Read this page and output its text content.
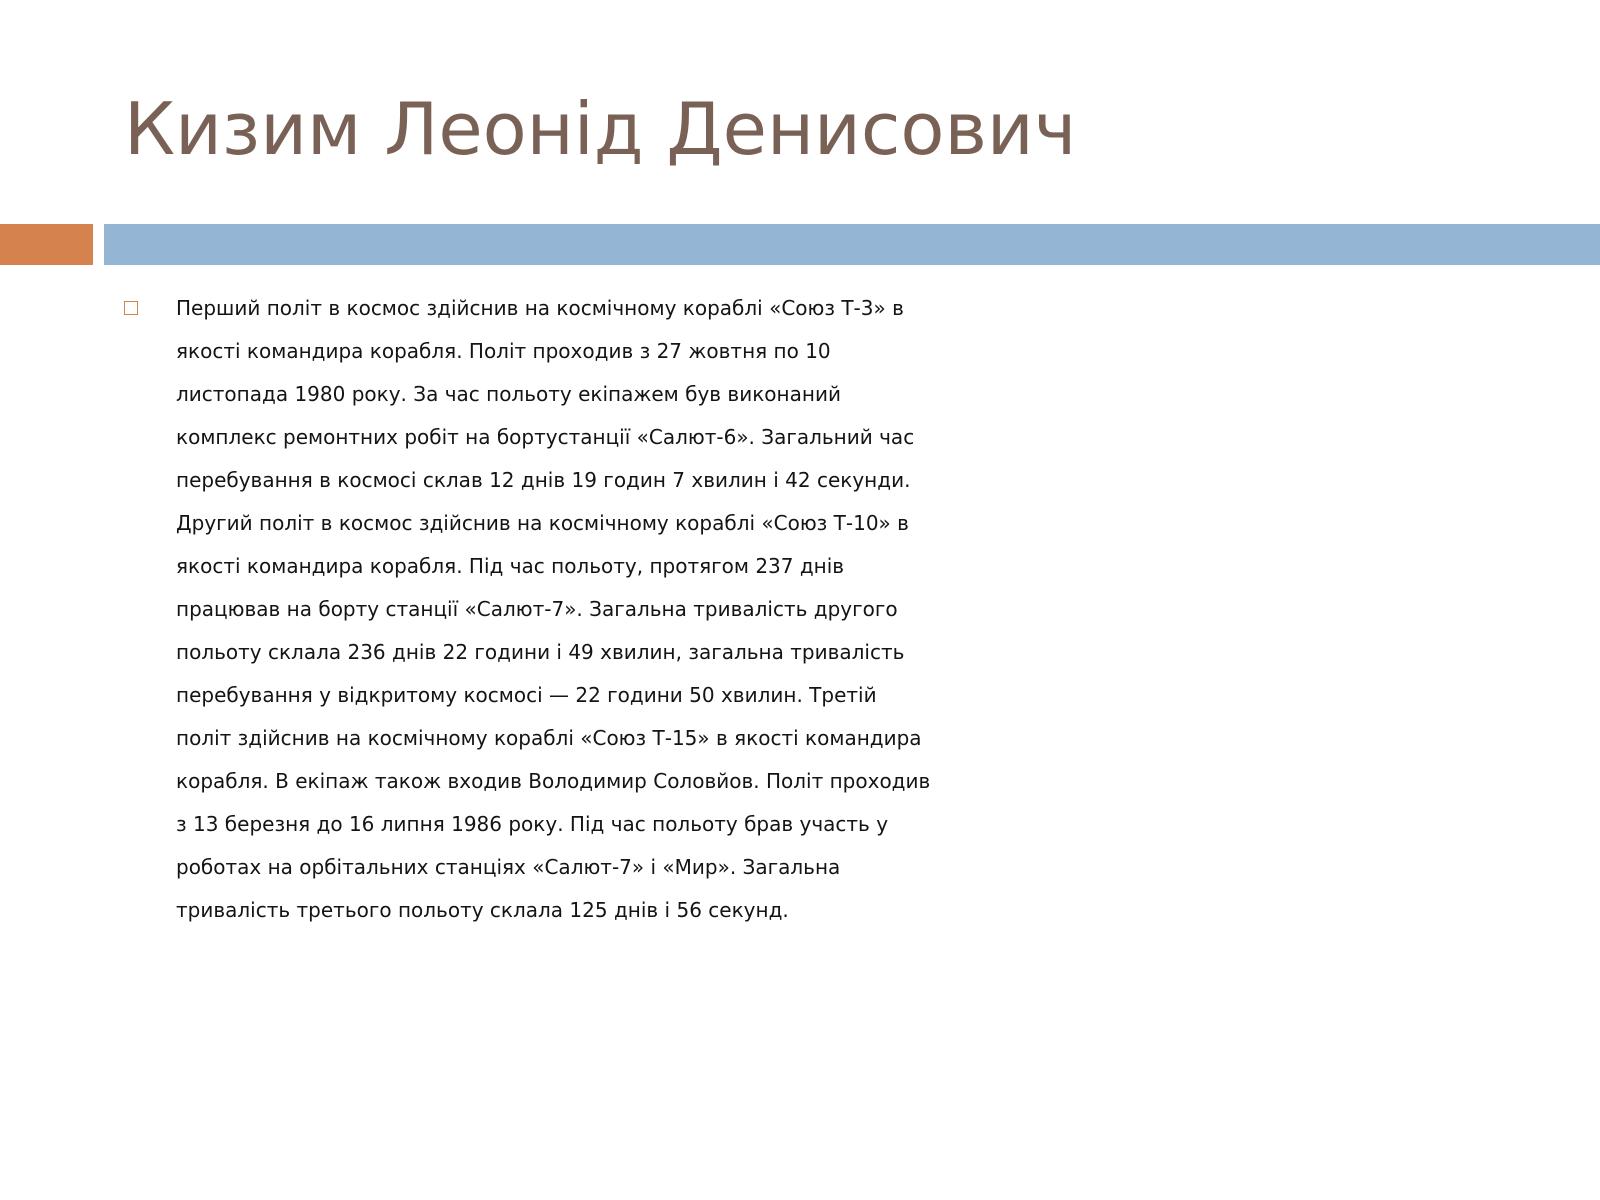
Кизим Леонід Денисович
Перший політ в космос здійснив на космічному кораблі «Союз Т-3» в
якості командира корабля. Політ проходив з 27 жовтня по 10
листопада 1980 року. За час польоту екіпажем був виконаний
комплекс ремонтних робіт на бортустанції «Салют-6». Загальний час
перебування в космосі склав 12 днів 19 годин 7 хвилин і 42 секунди.
Другий політ в космос здійснив на космічному кораблі «Союз Т-10» в
якості командира корабля. Під час польоту, протягом 237 днів
працював на борту станції «Салют-7». Загальна тривалість другого
польоту склала 236 днів 22 години і 49 хвилин, загальна тривалість
перебування у відкритому космосі — 22 години 50 хвилин. Третій
політ здійснив на космічному кораблі «Союз Т-15» в якості командира
корабля. В екіпаж також входив Володимир Соловйов. Політ проходив
з 13 березня до 16 липня 1986 року. Під час польоту брав участь у
роботах на орбітальних станціях «Салют-7» і «Мир». Загальна
тривалість третього польоту склала 125 днів і 56 секунд.
